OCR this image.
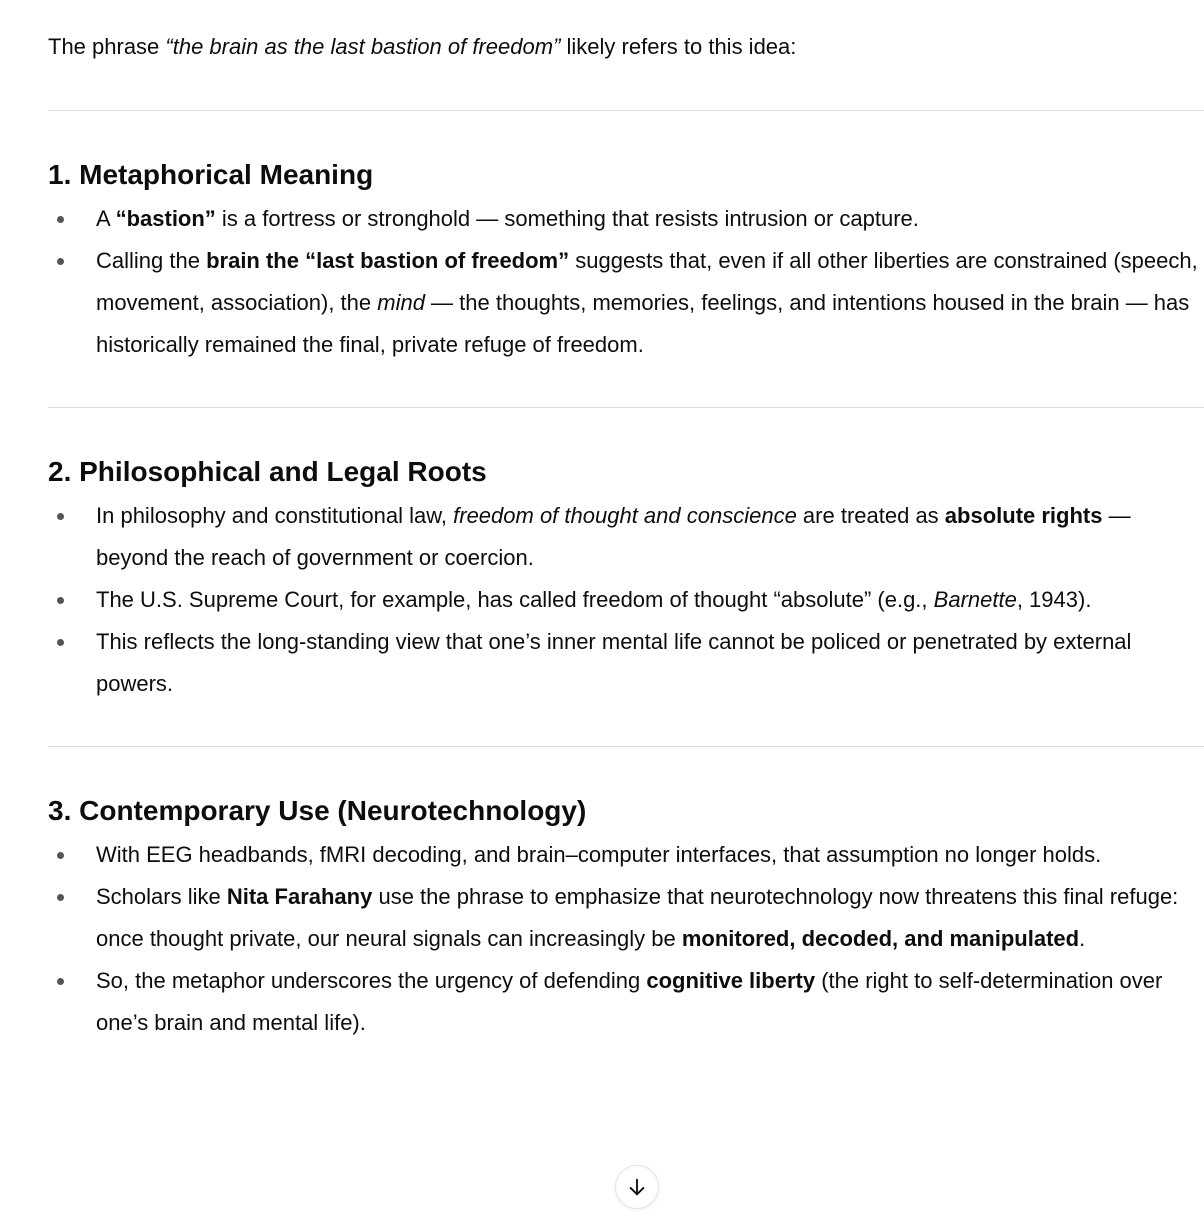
The phrase “the brain as the last bastion of freedom” likely refers to this idea:

1. Metaphorical Meaning
A “bastion” is a fortress or stronghold — something that resists intrusion or capture.
Calling the brain the “last bastion of freedom” suggests that, even if all other liberties are constrained (speech, movement, association), the mind — the thoughts, memories, feelings, and intentions housed in the brain — has historically remained the final, private refuge of freedom.
2. Philosophical and Legal Roots
In philosophy and constitutional law, freedom of thought and conscience are treated as absolute rights — beyond the reach of government or coercion.
The U.S. Supreme Court, for example, has called freedom of thought “absolute” (e.g., Barnette, 1943).
This reflects the long-standing view that one’s inner mental life cannot be policed or penetrated by external powers.
3. Contemporary Use (Neurotechnology)
With EEG headbands, fMRI decoding, and brain–computer interfaces, that assumption no longer holds.
Scholars like Nita Farahany use the phrase to emphasize that neurotechnology now threatens this final refuge: once thought private, our neural signals can increasingly be monitored, decoded, and manipulated.
So, the metaphor underscores the urgency of defending cognitive liberty (the right to self-determination over one’s brain and mental life).
